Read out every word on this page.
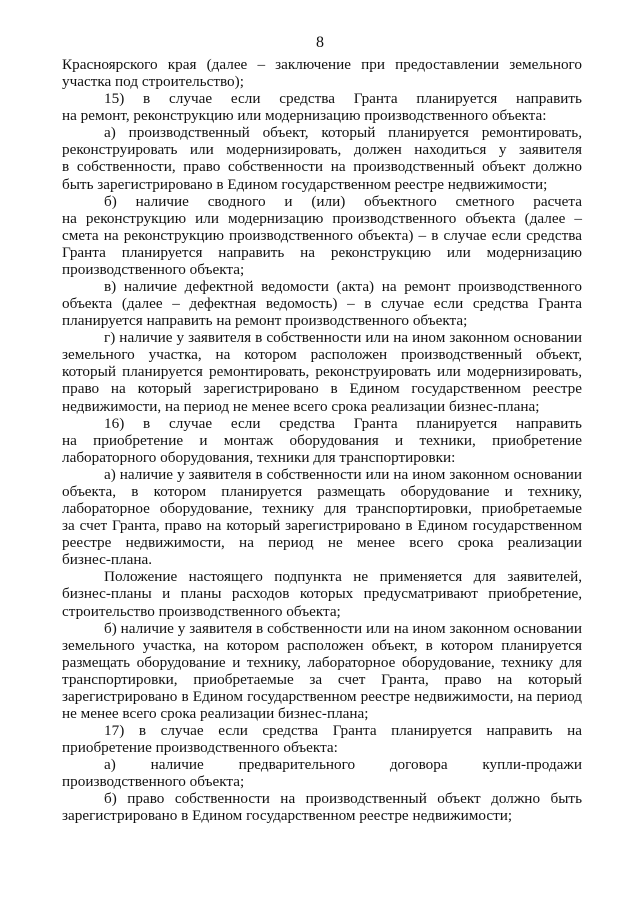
8
Красноярского края (далее – заключение при предоставлении земельного
участка под строительство);
15) в случае если средства Гранта планируется направить
на ремонт, реконструкцию или модернизацию производственного объекта:
а) производственный объект, который планируется ремонтировать,
реконструировать или модернизировать, должен находиться у заявителя
в собственности, право собственности на производственный объект должно
быть зарегистрировано в Едином государственном реестре недвижимости;
б) наличие сводного и (или) объектного сметного расчета
на реконструкцию или модернизацию производственного объекта (далее –
смета на реконструкцию производственного объекта) – в случае если средства
Гранта планируется направить на реконструкцию или модернизацию
производственного объекта;
в) наличие дефектной ведомости (акта) на ремонт производственного
объекта (далее – дефектная ведомость) – в случае если средства Гранта
планируется направить на ремонт производственного объекта;
г) наличие у заявителя в собственности или на ином законном основании
земельного участка, на котором расположен производственный объект,
который планируется ремонтировать, реконструировать или модернизировать,
право на который зарегистрировано в Едином государственном реестре
недвижимости, на период не менее всего срока реализации бизнес-плана;
16) в случае если средства Гранта планируется направить
на приобретение и монтаж оборудования и техники, приобретение
лабораторного оборудования, техники для транспортировки:
а) наличие у заявителя в собственности или на ином законном основании
объекта, в котором планируется размещать оборудование и технику,
лабораторное оборудование, технику для транспортировки, приобретаемые
за счет Гранта, право на который зарегистрировано в Едином государственном
реестре недвижимости, на период не менее всего срока реализации
бизнес-плана.
Положение настоящего подпункта не применяется для заявителей,
бизнес-планы и планы расходов которых предусматривают приобретение,
строительство производственного объекта;
б) наличие у заявителя в собственности или на ином законном основании
земельного участка, на котором расположен объект, в котором планируется
размещать оборудование и технику, лабораторное оборудование, технику для
транспортировки, приобретаемые за счет Гранта, право на который
зарегистрировано в Едином государственном реестре недвижимости, на период
не менее всего срока реализации бизнес-плана;
17) в случае если средства Гранта планируется направить на
приобретение производственного объекта:
а) наличие предварительного договора купли-продажи
производственного объекта;
б) право собственности на производственный объект должно быть
зарегистрировано в Едином государственном реестре недвижимости;
